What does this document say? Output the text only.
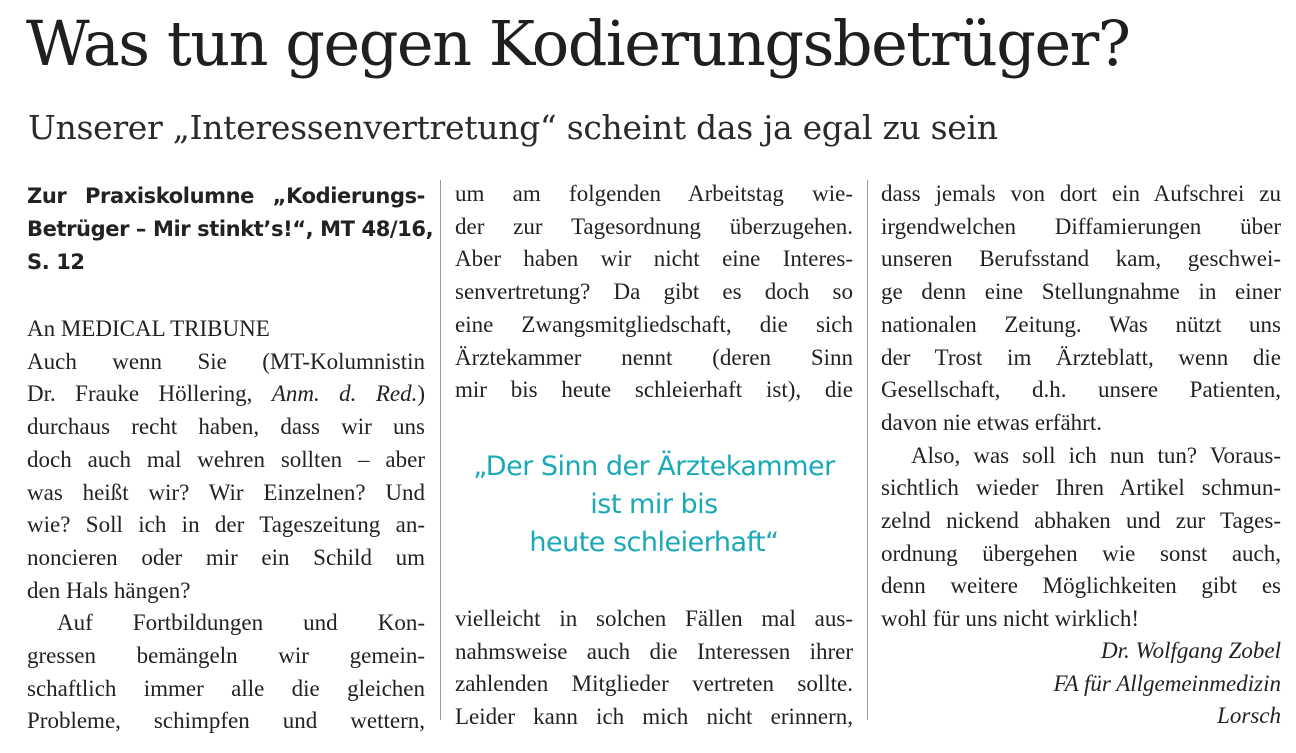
Was tun gegen Kodierungsbetrüger?
Unserer „Interessenvertretung“ scheint das ja egal zu sein
Zur Praxiskolumne „Kodierungs-
Betrüger – Mir stinkt’s!“, MT 48/16,
S. 12
An MEDICAL TRIBUNE
Auch wenn Sie (MT-Kolumnistin
Dr. Frauke Höllering, Anm. d. Red.)
durchaus recht haben, dass wir uns
doch auch mal wehren sollten – aber
was heißt wir? Wir Einzelnen? Und
wie? Soll ich in der Tageszeitung an-
noncieren oder mir ein Schild um
den Hals hängen?
Auf Fortbildungen und Kon-
gressen bemängeln wir gemein-
schaftlich immer alle die gleichen
Probleme, schimpfen und wettern,
um am folgenden Arbeitstag wie-
der zur Tagesordnung überzugehen.
Aber haben wir nicht eine Interes-
senvertretung? Da gibt es doch so
eine Zwangsmitgliedschaft, die sich
Ärztekammer nennt (deren Sinn
mir bis heute schleierhaft ist), die
„Der Sinn der Ärztekammer
ist mir bis
heute schleierhaft“
vielleicht in solchen Fällen mal aus-
nahmsweise auch die Interessen ihrer
zahlenden Mitglieder vertreten sollte.
Leider kann ich mich nicht erinnern,
dass jemals von dort ein Aufschrei zu
irgendwelchen Diffamierungen über
unseren Berufsstand kam, geschwei-
ge denn eine Stellungnahme in einer
nationalen Zeitung. Was nützt uns
der Trost im Ärzteblatt, wenn die
Gesellschaft, d.h. unsere Patienten,
davon nie etwas erfährt.
Also, was soll ich nun tun? Voraus-
sichtlich wieder Ihren Artikel schmun-
zelnd nickend abhaken und zur Tages-
ordnung übergehen wie sonst auch,
denn weitere Möglichkeiten gibt es
wohl für uns nicht wirklich!
Dr. Wolfgang Zobel
FA für Allgemeinmedizin
Lorsch
